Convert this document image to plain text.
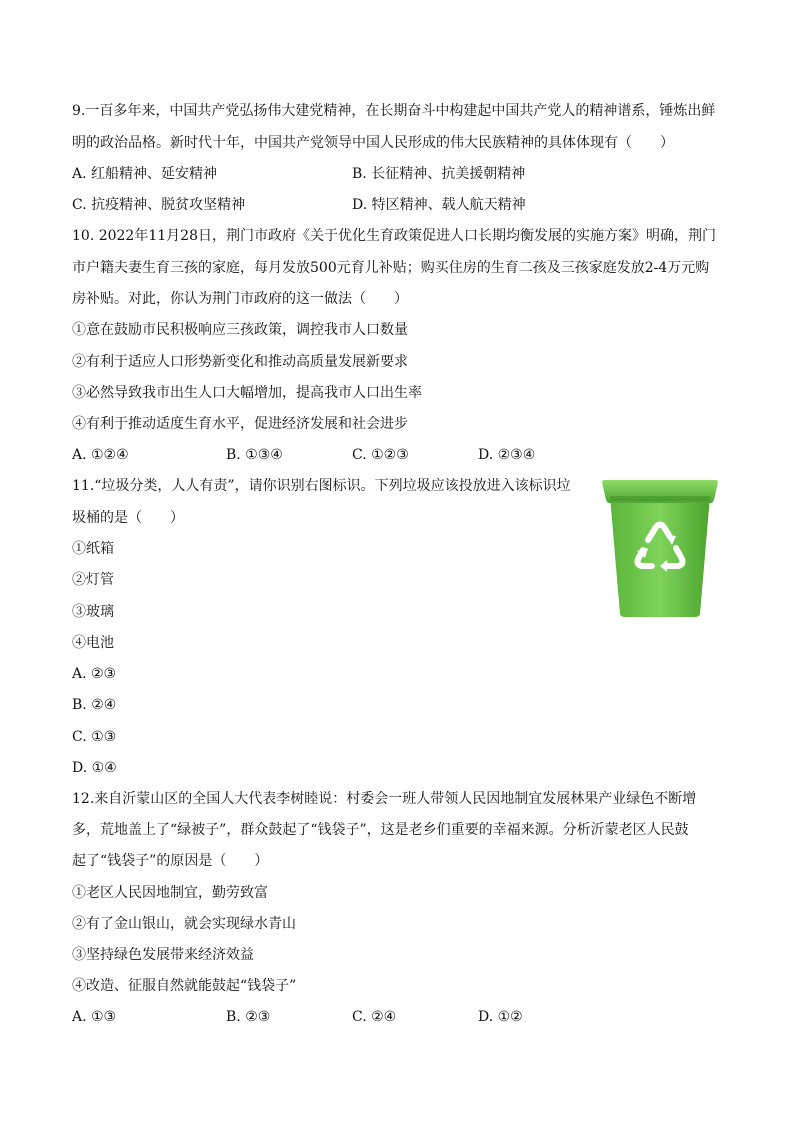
9.一百多年来，中国共产党弘扬伟大建党精神，在长期奋斗中构建起中国共产党人的精神谱系，锤炼出鲜
明的政治品格。新时代十年，中国共产党领导中国人民形成的伟大民族精神的具体体现有（　　）
A. 红船精神、延安精神	B. 长征精神、抗美援朝精神
C. 抗疫精神、脱贫攻坚精神	D. 特区精神、载人航天精神
10. 2022年11月28日，荆门市政府《关于优化生育政策促进人口长期均衡发展的实施方案》明确，荆门
市户籍夫妻生育三孩的家庭，每月发放500元育儿补贴；购买住房的生育二孩及三孩家庭发放2-4万元购
房补贴。对此，你认为荆门市政府的这一做法（　　）
①意在鼓励市民积极响应三孩政策，调控我市人口数量
②有利于适应人口形势新变化和推动高质量发展新要求
③必然导致我市出生人口大幅增加，提高我市人口出生率
④有利于推动适度生育水平，促进经济发展和社会进步
A. ①②④	B. ①③④	C. ①②③	D. ②③④
11.“垃圾分类，人人有责”，请你识别右图标识。下列垃圾应该投放进入该标识垃
圾桶的是（　　）
①纸箱
②灯管
③玻璃
④电池
A. ②③
B. ②④
C. ①③
D. ①④
12.来自沂蒙山区的全国人大代表李树睦说：村委会一班人带领人民因地制宜发展林果产业绿色不断增
多，荒地盖上了“绿被子”，群众鼓起了“钱袋子”，这是老乡们重要的幸福来源。分析沂蒙老区人民鼓
起了“钱袋子”的原因是（　　）
①老区人民因地制宜，勤劳致富
②有了金山银山，就会实现绿水青山
③坚持绿色发展带来经济效益
④改造、征服自然就能鼓起“钱袋子”
A. ①③	B. ②③	C. ②④	D. ①②
